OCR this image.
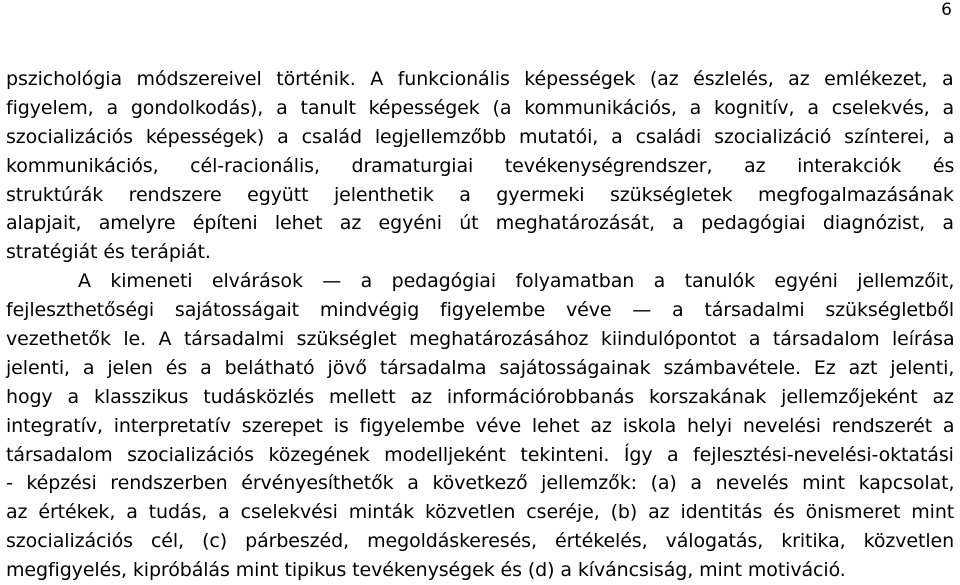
6
pszichológia módszereivel történik. A funkcionális képességek (az észlelés, az emlékezet, a
figyelem, a gondolkodás), a tanult képességek (a kommunikációs, a kognitív, a cselekvés, a
szocializációs képességek) a család legjellemzőbb mutatói, a családi szocializáció színterei, a
kommunikációs, cél-racionális, dramaturgiai tevékenységrendszer, az interakciók és
struktúrák rendszere együtt jelenthetik a gyermeki szükségletek megfogalmazásának
alapjait, amelyre építeni lehet az egyéni út meghatározását, a pedagógiai diagnózist, a
stratégiát és terápiát.
A kimeneti elvárások — a pedagógiai folyamatban a tanulók egyéni jellemzőit,
fejleszthetőségi sajátosságait mindvégig figyelembe véve — a társadalmi szükségletből
vezethetők le. A társadalmi szükséglet meghatározásához kiindulópontot a társadalom leírása
jelenti, a jelen és a belátható jövő társadalma sajátosságainak számbavétele. Ez azt jelenti,
hogy a klasszikus tudásközlés mellett az információrobbanás korszakának jellemzőjeként az
integratív, interpretatív szerepet is figyelembe véve lehet az iskola helyi nevelési rendszerét a
társadalom szocializációs közegének modelljeként tekinteni. Így a fejlesztési-nevelési-oktatási
- képzési rendszerben érvényesíthetők a következő jellemzők: (a) a nevelés mint kapcsolat,
az értékek, a tudás, a cselekvési minták közvetlen cseréje, (b) az identitás és önismeret mint
szocializációs cél, (c) párbeszéd, megoldáskeresés, értékelés, válogatás, kritika, közvetlen
megfigyelés, kipróbálás mint tipikus tevékenységek és (d) a kíváncsiság, mint motiváció.
